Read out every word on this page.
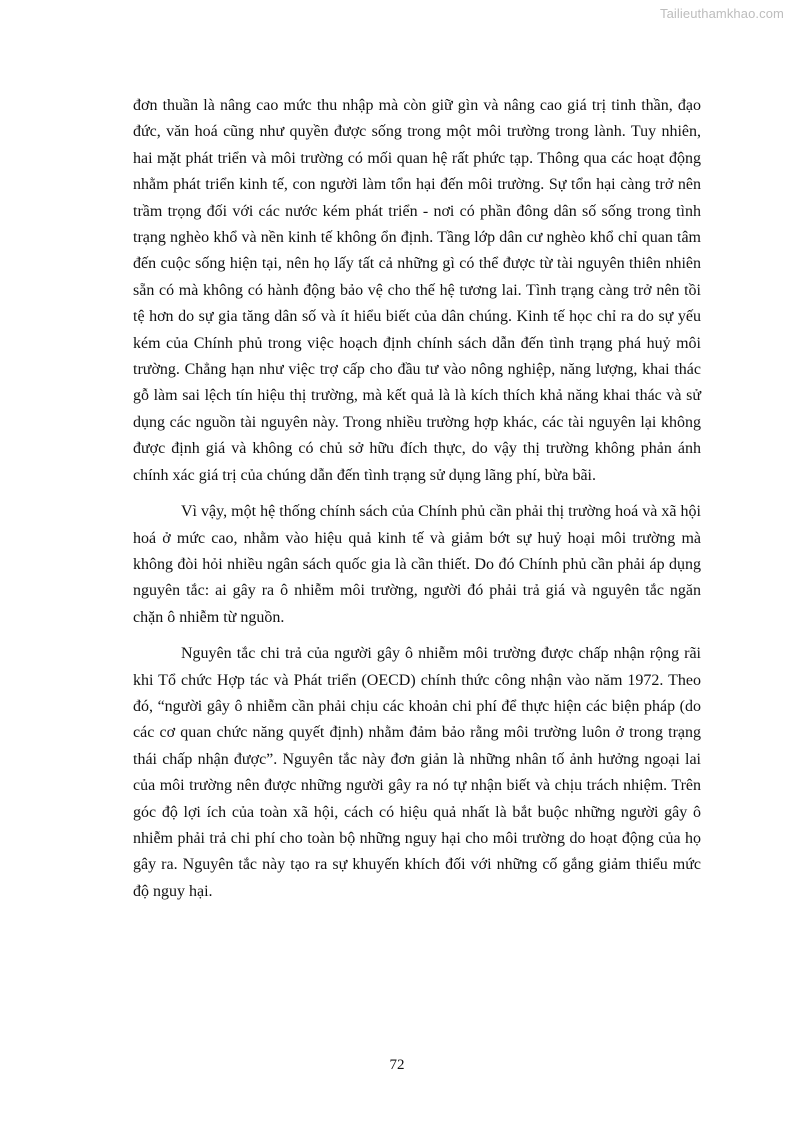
Tailieuthamkhao.com

đơn thuần là nâng cao mức thu nhập mà còn giữ gìn và nâng cao giá trị tinh thần, đạo đức, văn hoá cũng như quyền được sống trong một môi trường trong lành. Tuy nhiên, hai mặt phát triển và môi trường có mối quan hệ rất phức tạp. Thông qua các hoạt động nhằm phát triển kinh tế, con người làm tổn hại đến môi trường. Sự tổn hại càng trở nên trầm trọng đối với các nước kém phát triển - nơi có phần đông dân số sống trong tình trạng nghèo khổ và nền kinh tế không ổn định. Tầng lớp dân cư nghèo khổ chỉ quan tâm đến cuộc sống hiện tại, nên họ lấy tất cả những gì có thể được từ tài nguyên thiên nhiên sẵn có mà không có hành động bảo vệ cho thế hệ tương lai. Tình trạng càng trở nên tồi tệ hơn do sự gia tăng dân số và ít hiểu biết của dân chúng. Kinh tế học chỉ ra do sự yếu kém của Chính phủ trong việc hoạch định chính sách dẫn đến tình trạng phá huỷ môi trường. Chẳng hạn như việc trợ cấp cho đầu tư vào nông nghiệp, năng lượng, khai thác gỗ làm sai lệch tín hiệu thị trường, mà kết quả là là kích thích khả năng khai thác và sử dụng các nguồn tài nguyên này. Trong nhiều trường hợp khác, các tài nguyên lại không được định giá và không có chủ sở hữu đích thực, do vậy thị trường không phản ánh chính xác giá trị của chúng dẫn đến tình trạng sử dụng lãng phí, bừa bãi.

Vì vậy, một hệ thống chính sách của Chính phủ cần phải thị trường hoá và xã hội hoá ở mức cao, nhằm vào hiệu quả kinh tế và giảm bớt sự huỷ hoại môi trường mà không đòi hỏi nhiều ngân sách quốc gia là cần thiết. Do đó Chính phủ cần phải áp dụng nguyên tắc: ai gây ra ô nhiễm môi trường, người đó phải trả giá và nguyên tắc ngăn chặn ô nhiễm từ nguồn.

Nguyên tắc chi trả của người gây ô nhiễm môi trường được chấp nhận rộng rãi khi Tổ chức Hợp tác và Phát triển (OECD) chính thức công nhận vào năm 1972. Theo đó, “người gây ô nhiễm cần phải chịu các khoản chi phí để thực hiện các biện pháp (do các cơ quan chức năng quyết định) nhằm đảm bảo rằng môi trường luôn ở trong trạng thái chấp nhận được”. Nguyên tắc này đơn giản là những nhân tố ảnh hưởng ngoại lai của môi trường nên được những người gây ra nó tự nhận biết và chịu trách nhiệm. Trên góc độ lợi ích của toàn xã hội, cách có hiệu quả nhất là bắt buộc những người gây ô nhiễm phải trả chi phí cho toàn bộ những nguy hại cho môi trường do hoạt động của họ gây ra. Nguyên tắc này tạo ra sự khuyến khích đối với những cố gắng giảm thiểu mức độ nguy hại.

72
